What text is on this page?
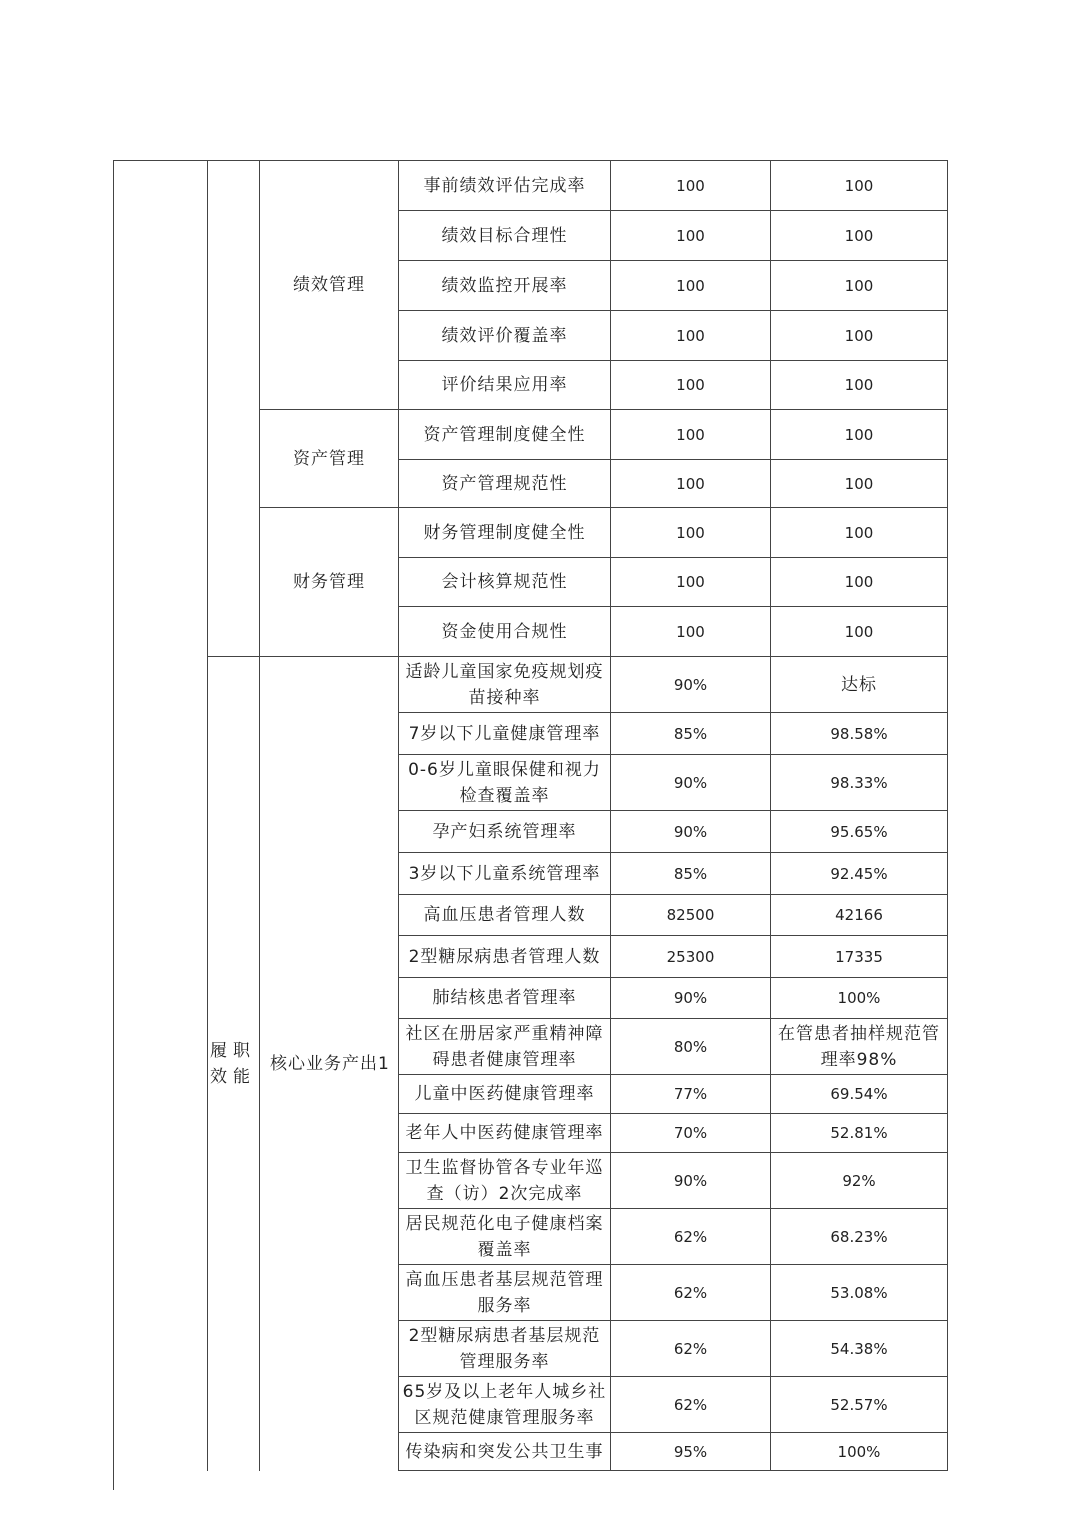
		绩效管理	事前绩效评估完成率	100	100
			绩效目标合理性	100	100
			绩效监控开展率	100	100
			绩效评价覆盖率	100	100
			评价结果应用率	100	100
		资产管理	资产管理制度健全性	100	100
			资产管理规范性	100	100
		财务管理	财务管理制度健全性	100	100
			会计核算规范性	100	100
			资金使用合规性	100	100
	履职效能	核心业务产出1	适龄儿童国家免疫规划疫苗接种率	90%	达标
			7岁以下儿童健康管理率	85%	98.58%
			0-6岁儿童眼保健和视力检查覆盖率	90%	98.33%
			孕产妇系统管理率	90%	95.65%
			3岁以下儿童系统管理率	85%	92.45%
			高血压患者管理人数	82500	42166
			2型糖尿病患者管理人数	25300	17335
			肺结核患者管理率	90%	100%
			社区在册居家严重精神障碍患者健康管理率	80%	在管患者抽样规范管理率98%
			儿童中医药健康管理率	77%	69.54%
			老年人中医药健康管理率	70%	52.81%
			卫生监督协管各专业年巡查（访）2次完成率	90%	92%
			居民规范化电子健康档案覆盖率	62%	68.23%
			高血压患者基层规范管理服务率	62%	53.08%
			2型糖尿病患者基层规范管理服务率	62%	54.38%
			65岁及以上老年人城乡社区规范健康管理服务率	62%	52.57%
			传染病和突发公共卫生事	95%	100%
